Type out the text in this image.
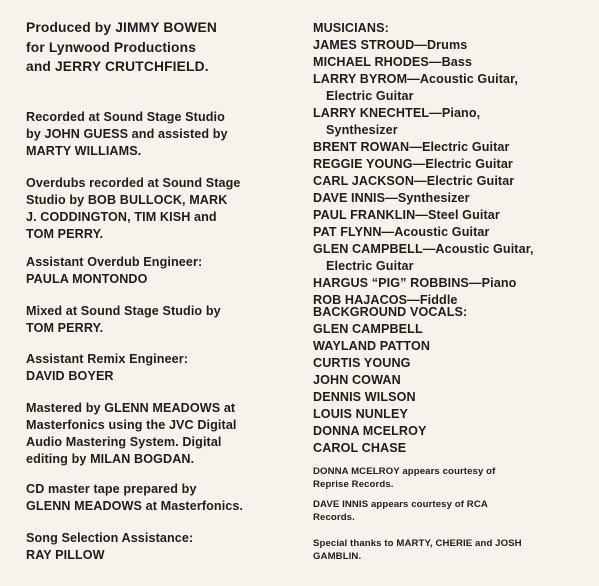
Produced by JIMMY BOWEN
for Lynwood Productions
and JERRY CRUTCHFIELD.
Recorded at Sound Stage Studio
by JOHN GUESS and assisted by
MARTY WILLIAMS.
Overdubs recorded at Sound Stage
Studio by BOB BULLOCK, MARK
J. CODDINGTON, TIM KISH and
TOM PERRY.
Assistant Overdub Engineer:
PAULA MONTONDO
Mixed at Sound Stage Studio by
TOM PERRY.
Assistant Remix Engineer:
DAVID BOYER
Mastered by GLENN MEADOWS at
Masterfonics using the JVC Digital
Audio Mastering System. Digital
editing by MILAN BOGDAN.
CD master tape prepared by
GLENN MEADOWS at Masterfonics.
Song Selection Assistance:
RAY PILLOW
MUSICIANS:
JAMES STROUD—Drums
MICHAEL RHODES—Bass
LARRY BYROM—Acoustic Guitar,
Electric Guitar
LARRY KNECHTEL—Piano,
Synthesizer
BRENT ROWAN—Electric Guitar
REGGIE YOUNG—Electric Guitar
CARL JACKSON—Electric Guitar
DAVE INNIS—Synthesizer
PAUL FRANKLIN—Steel Guitar
PAT FLYNN—Acoustic Guitar
GLEN CAMPBELL—Acoustic Guitar,
Electric Guitar
HARGUS “PIG” ROBBINS—Piano
ROB HAJACOS—Fiddle
BACKGROUND VOCALS:
GLEN CAMPBELL
WAYLAND PATTON
CURTIS YOUNG
JOHN COWAN
DENNIS WILSON
LOUIS NUNLEY
DONNA MCELROY
CAROL CHASE
DONNA MCELROY appears courtesy of
Reprise Records.
DAVE INNIS appears courtesy of RCA
Records.
Special thanks to MARTY, CHERIE and JOSH
GAMBLIN.
